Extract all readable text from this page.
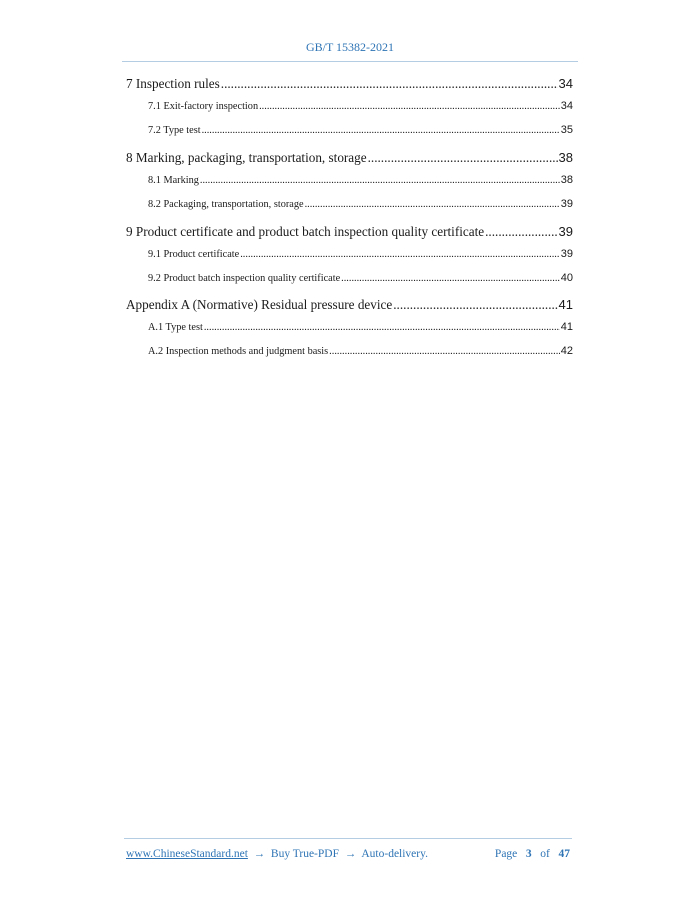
GB/T 15382-2021
7 Inspection rules .....	34
7.1 Exit-factory inspection .....	34
7.2 Type test .....	35
8 Marking, packaging, transportation, storage .....	38
8.1 Marking .....	38
8.2 Packaging, transportation, storage .....	39
9 Product certificate and product batch inspection quality certificate .....	39
9.1 Product certificate .....	39
9.2 Product batch inspection quality certificate .....	40
Appendix A (Normative) Residual pressure device .....	41
A.1 Type test .....	41
A.2 Inspection methods and judgment basis .....	42
www.ChineseStandard.net → Buy True-PDF → Auto-delivery.	Page 3 of 47
